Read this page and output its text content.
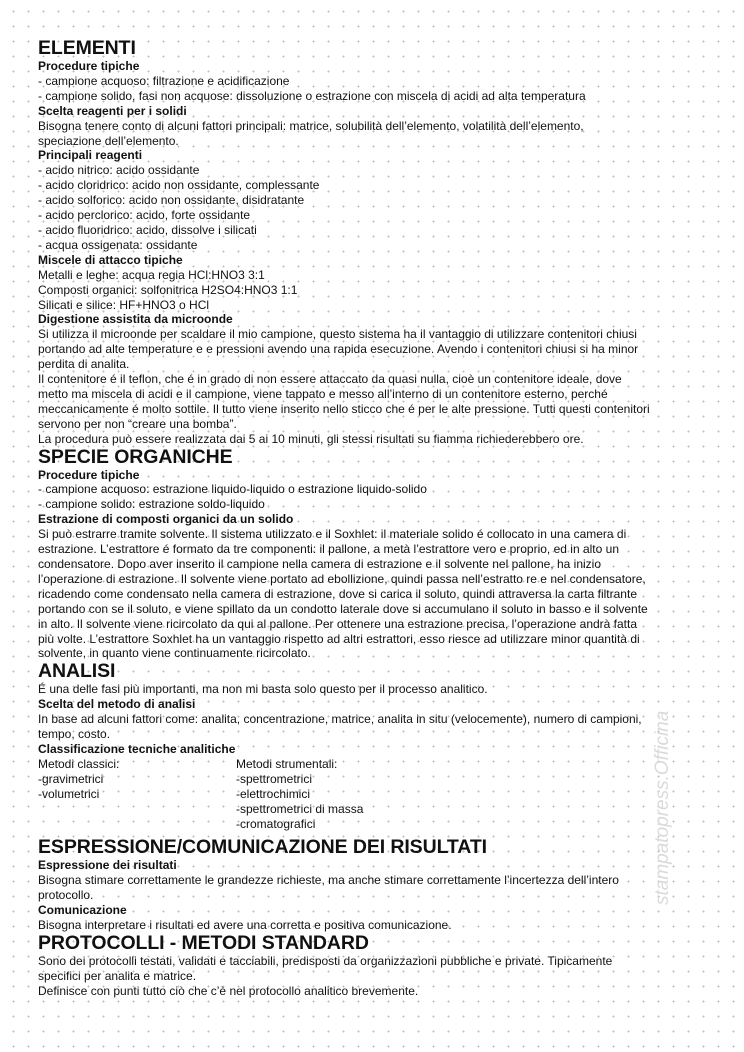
ELEMENTI
Procedure tipiche
- campione acquoso: filtrazione e acidificazione
- campione solido, fasi non acquose: dissoluzione o estrazione con miscela di acidi ad alta temperatura
Scelta reagenti per i solidi
Bisogna tenere conto di alcuni fattori principali: matrice, solubilità dell’elemento, volatilità dell’elemento,
speciazione dell’elemento.
Principali reagenti
- acido nitrico: acido ossidante
- acido cloridrico: acido non ossidante, complessante
- acido solforico: acido non ossidante, disidratante
- acido perclorico: acido, forte ossidante
- acido fluoridrico: acido, dissolve i silicati
- acqua ossigenata: ossidante
Miscele di attacco tipiche
Metalli e leghe: acqua regia HCl:HNO3 3:1
Composti organici: solfonitrica H2SO4:HNO3 1:1
Silicati e silice: HF+HNO3 o HCl
Digestione assistita da microonde
Si utilizza il microonde per scaldare il mio campione, questo sistema ha il vantaggio di utilizzare contenitori chiusi
portando ad alte temperature e e pressioni avendo una rapida esecuzione. Avendo i contenitori chiusi si ha minor
perdita di analita.
Il contenitore é il teflon, che é in grado di non essere attaccato da quasi nulla, cioè un contenitore ideale, dove
metto ma miscela di acidi e il campione, viene tappato e messo all’interno di un contenitore esterno, perché
meccanicamente é molto sottile. Il tutto viene inserito nello sticco che é per le alte pressione. Tutti questi contenitori
servono per non “creare una bomba”.
La procedura può essere realizzata dai 5 ai 10 minuti, gli stessi risultati su fiamma richiederebbero ore.
SPECIE ORGANICHE
Procedure tipiche
- campione acquoso: estrazione liquido-liquido o estrazione liquido-solido
- campione solido: estrazione soldo-liquido
Estrazione di composti organici da un solido
Si può estrarre tramite solvente. Il sistema utilizzato e il Soxhlet: il materiale solido é collocato in una camera di
estrazione. L’estrattore é formato da tre componenti: il pallone, a metà l’estrattore vero e proprio, ed in alto un
condensatore. Dopo aver inserito il campione nella camera di estrazione e il solvente nel pallone, ha inizio
l’operazione di estrazione. Il solvente viene portato ad ebollizione, quindi passa nell’estratto re e nel condensatore,
ricadendo come condensato nella camera di estrazione, dove si carica il soluto, quindi attraversa la carta filtrante
portando con se il soluto, e viene spillato da un condotto laterale dove si accumulano il soluto in basso e il solvente
in alto. Il solvente viene ricircolato da qui al pallone. Per ottenere una estrazione precisa, l’operazione andrà fatta
più volte. L’estrattore Soxhlet ha un vantaggio rispetto ad altri estrattori, esso riesce ad utilizzare minor quantità di
solvente, in quanto viene continuamente ricircolato.
ANALISI
É una delle fasi più importanti, ma non mi basta solo questo per il processo analitico.
Scelta del metodo di analisi
In base ad alcuni fattori come: analita, concentrazione, matrice, analita in situ (velocemente), numero di campioni,
tempo, costo.
Classificazione tecniche analitiche
Metodi classici:
-gravimetrici
-volumetrici
Metodi strumentali:
-spettrometrici
-elettrochimici
-spettrometrici di massa
-cromatografici
ESPRESSIONE/COMUNICAZIONE DEI RISULTATI
Espressione dei risultati
Bisogna stimare correttamente le grandezze richieste, ma anche stimare correttamente l’incertezza dell’intero
protocollo.
Comunicazione
Bisogna interpretare i risultati ed avere una corretta e positiva comunicazione.
PROTOCOLLI - METODI STANDARD
Sono dei protocolli testati, validati e tacciabili, predisposti da organizzazioni pubbliche e private. Tipicamente
specifici per analita e matrice.
Definisce con punti tutto ciò che c’è nel protocollo analitico brevemente.
stampatopress.Officina
